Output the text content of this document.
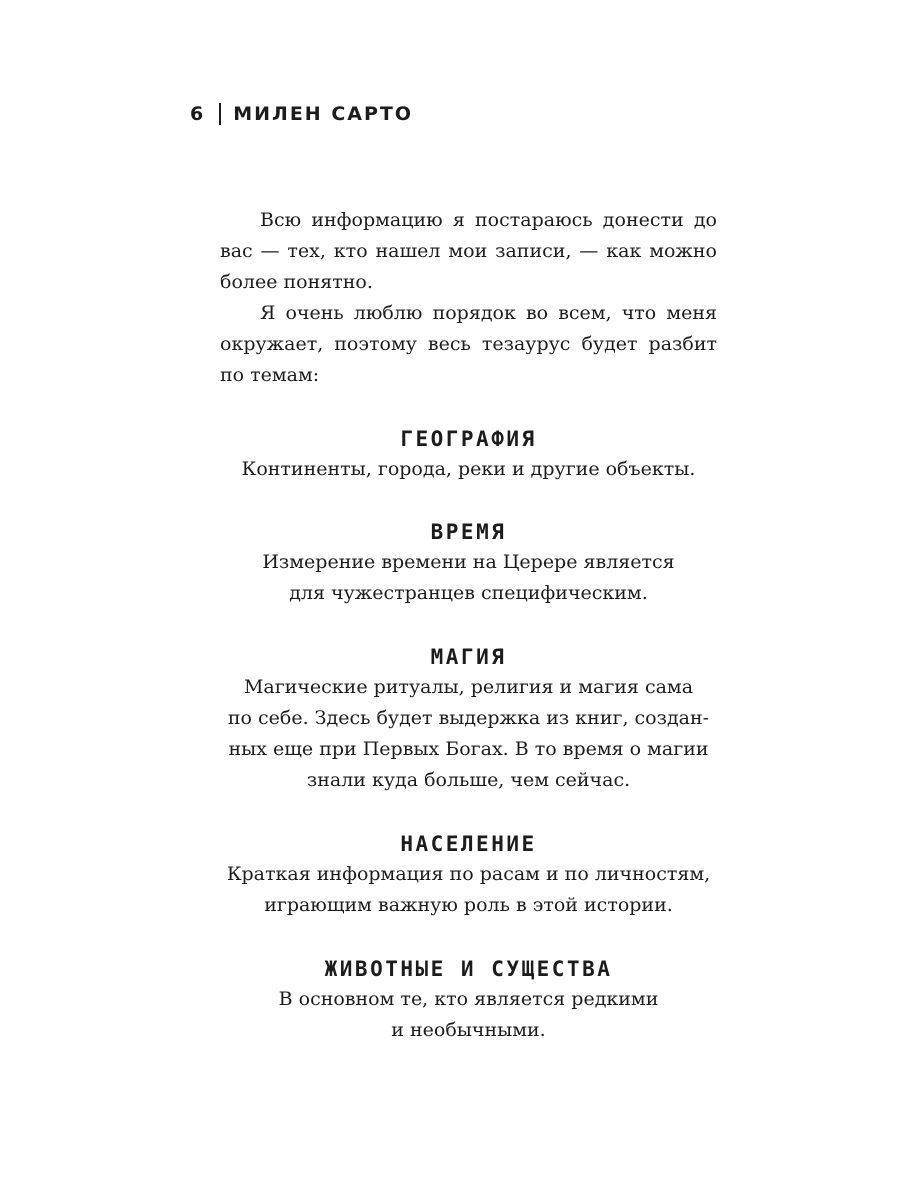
6 МИЛЕН САРТО

Всю информацию я постараюсь донести до вас — тех, кто нашел мои записи, — как можно более понятно.

Я очень люблю порядок во всем, что меня окружает, поэтому весь тезаурус будет разбит по темам:

ГЕОГРАФИЯ

Континенты, города, реки и другие объекты.

ВРЕМЯ

Измерение времени на Церере является

для чужестранцев специфическим.

МАГИЯ

Магические ритуалы, религия и магия сама

по себе. Здесь будет выдержка из книг, создан-

ных еще при Первых Богах. В то время о магии

знали куда больше, чем сейчас.

НАСЕЛЕНИЕ

Краткая информация по расам и по личностям,

играющим важную роль в этой истории.

ЖИВОТНЫЕ И СУЩЕСТВА

В основном те, кто является редкими

и необычными.
